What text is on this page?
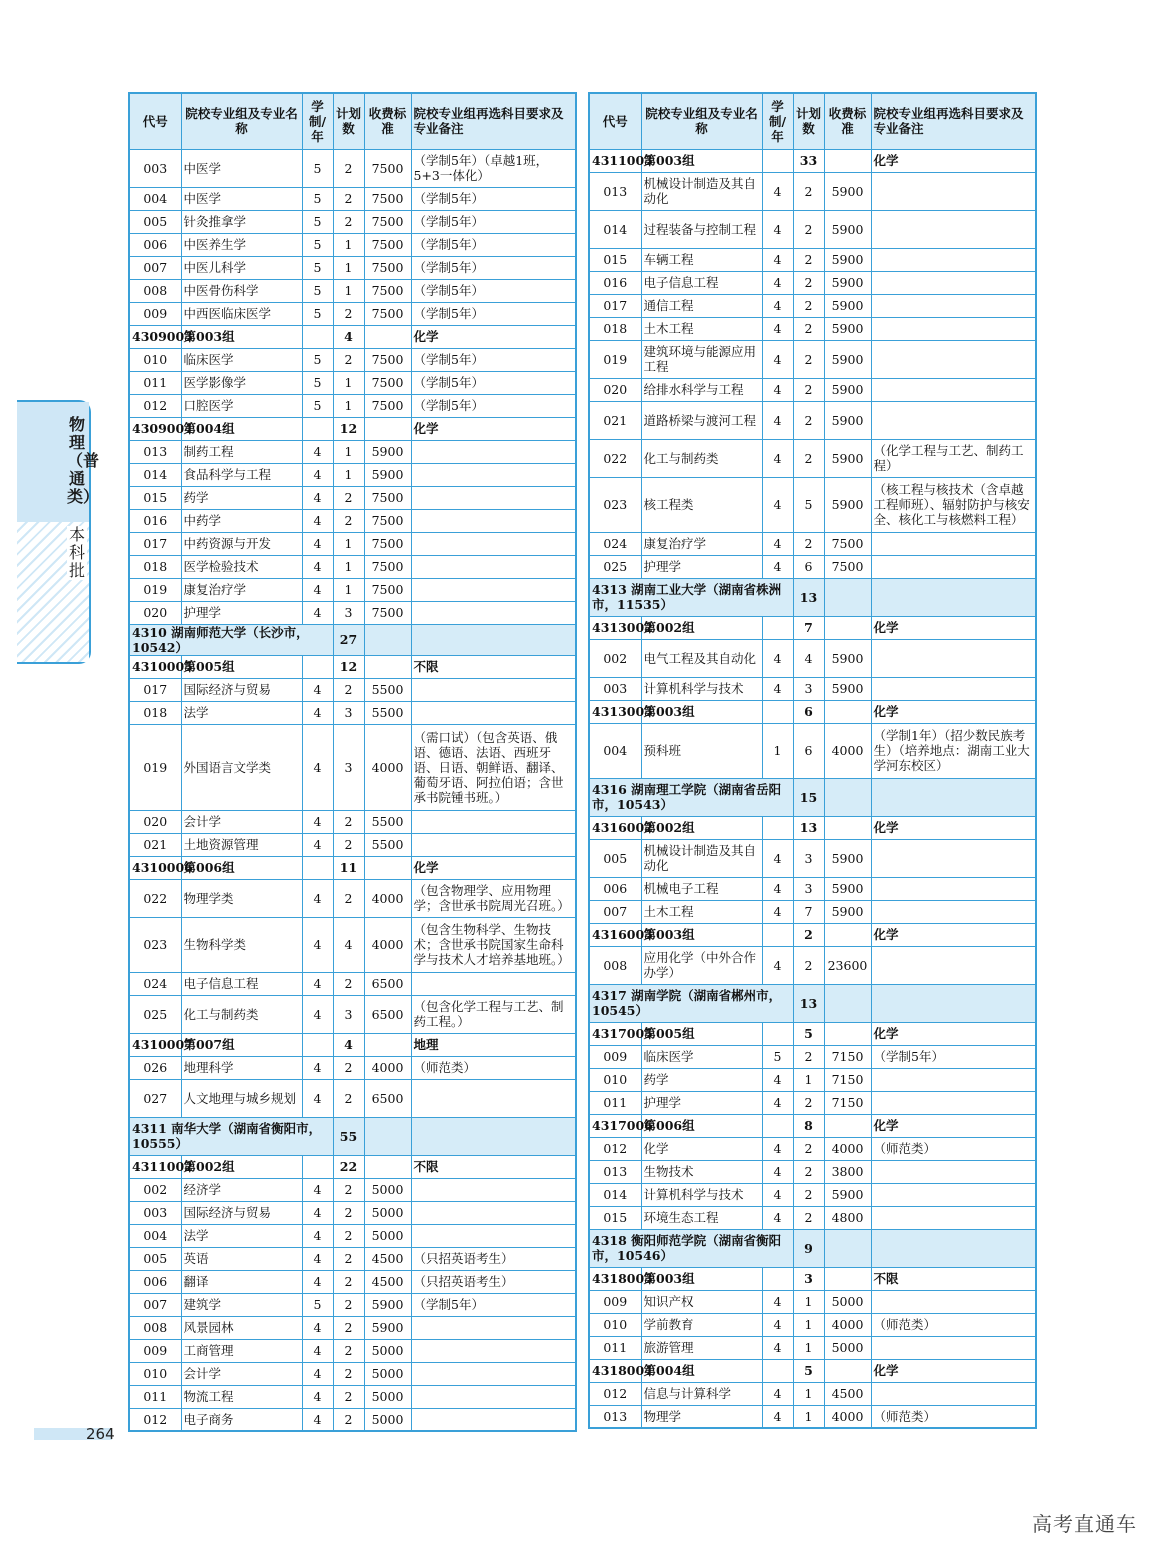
物理（普通类）
本科批
代号	院校专业组及专业名称	学制/年	计划数	收费标准	院校专业组再选科目要求及专业备注
003	中医学	5	2	7500	（学制5年）（卓越1班，5+3一体化）
004	中医学	5	2	7500	（学制5年）
005	针灸推拿学	5	2	7500	（学制5年）
006	中医养生学	5	1	7500	（学制5年）
007	中医儿科学	5	1	7500	（学制5年）
008	中医骨伤科学	5	1	7500	（学制5年）
009	中西医临床医学	5	2	7500	（学制5年）
4309003	第003组		4		化学
010	临床医学	5	2	7500	（学制5年）
011	医学影像学	5	1	7500	（学制5年）
012	口腔医学	5	1	7500	（学制5年）
4309004	第004组		12		化学
013	制药工程	4	1	5900	
014	食品科学与工程	4	1	5900	
015	药学	4	2	7500	
016	中药学	4	2	7500	
017	中药资源与开发	4	1	7500	
018	医学检验技术	4	1	7500	
019	康复治疗学	4	1	7500	
020	护理学	4	3	7500	
4310 湖南师范大学（长沙市，10542）			27		
4310005	第005组		12		不限
017	国际经济与贸易	4	2	5500	
018	法学	4	3	5500	
019	外国语言文学类	4	3	4000	（需口试）（包含英语、俄语、德语、法语、西班牙语、日语、朝鲜语、翻译、葡萄牙语、阿拉伯语；含世承书院锺书班。）
020	会计学	4	2	5500	
021	土地资源管理	4	2	5500	
4310006	第006组		11		化学
022	物理学类	4	2	4000	（包含物理学、应用物理学；含世承书院周光召班。）
023	生物科学类	4	4	4000	（包含生物科学、生物技术；含世承书院国家生命科学与技术人才培养基地班。）
024	电子信息工程	4	2	6500	
025	化工与制药类	4	3	6500	（包含化学工程与工艺、制药工程。）
4310007	第007组		4		地理
026	地理科学	4	2	4000	（师范类）
027	人文地理与城乡规划	4	2	6500	
4311 南华大学（湖南省衡阳市，10555）			55		
4311002	第002组		22		不限
002	经济学	4	2	5000	
003	国际经济与贸易	4	2	5000	
004	法学	4	2	5000	
005	英语	4	2	4500	（只招英语考生）
006	翻译	4	2	4500	（只招英语考生）
007	建筑学	5	2	5900	（学制5年）
008	风景园林	4	2	5900	
009	工商管理	4	2	5000	
010	会计学	4	2	5000	
011	物流工程	4	2	5000	
012	电子商务	4	2	5000	
代号	院校专业组及专业名称	学制/年	计划数	收费标准	院校专业组再选科目要求及专业备注
4311003	第003组		33		化学
013	机械设计制造及其自动化	4	2	5900	
014	过程装备与控制工程	4	2	5900	
015	车辆工程	4	2	5900	
016	电子信息工程	4	2	5900	
017	通信工程	4	2	5900	
018	土木工程	4	2	5900	
019	建筑环境与能源应用工程	4	2	5900	
020	给排水科学与工程	4	2	5900	
021	道路桥梁与渡河工程	4	2	5900	
022	化工与制药类	4	2	5900	（化学工程与工艺、制药工程）
023	核工程类	4	5	5900	（核工程与核技术（含卓越工程师班）、辐射防护与核安全、核化工与核燃料工程）
024	康复治疗学	4	2	7500	
025	护理学	4	6	7500	
4313 湖南工业大学（湖南省株洲市，11535）			13		
4313002	第002组		7		化学
002	电气工程及其自动化	4	4	5900	
003	计算机科学与技术	4	3	5900	
4313003	第003组		6		化学
004	预科班	1	6	4000	（学制1年）（招少数民族考生）（培养地点：湖南工业大学河东校区）
4316 湖南理工学院（湖南省岳阳市，10543）			15		
4316002	第002组		13		化学
005	机械设计制造及其自动化	4	3	5900	
006	机械电子工程	4	3	5900	
007	土木工程	4	7	5900	
4316003	第003组		2		化学
008	应用化学（中外合作办学）	4	2	23600	
4317 湖南学院（湖南省郴州市，10545）			13		
4317005	第005组		5		化学
009	临床医学	5	2	7150	（学制5年）
010	药学	4	1	7150	
011	护理学	4	2	7150	
4317006	第006组		8		化学
012	化学	4	2	4000	（师范类）
013	生物技术	4	2	3800	
014	计算机科学与技术	4	2	5900	
015	环境生态工程	4	2	4800	
4318 衡阳师范学院（湖南省衡阳市，10546）			9		
4318003	第003组		3		不限
009	知识产权	4	1	5000	
010	学前教育	4	1	4000	（师范类）
011	旅游管理	4	1	5000	
4318004	第004组		5		化学
012	信息与计算科学	4	1	4500	
013	物理学	4	1	4000	（师范类）
264
高考直通车
